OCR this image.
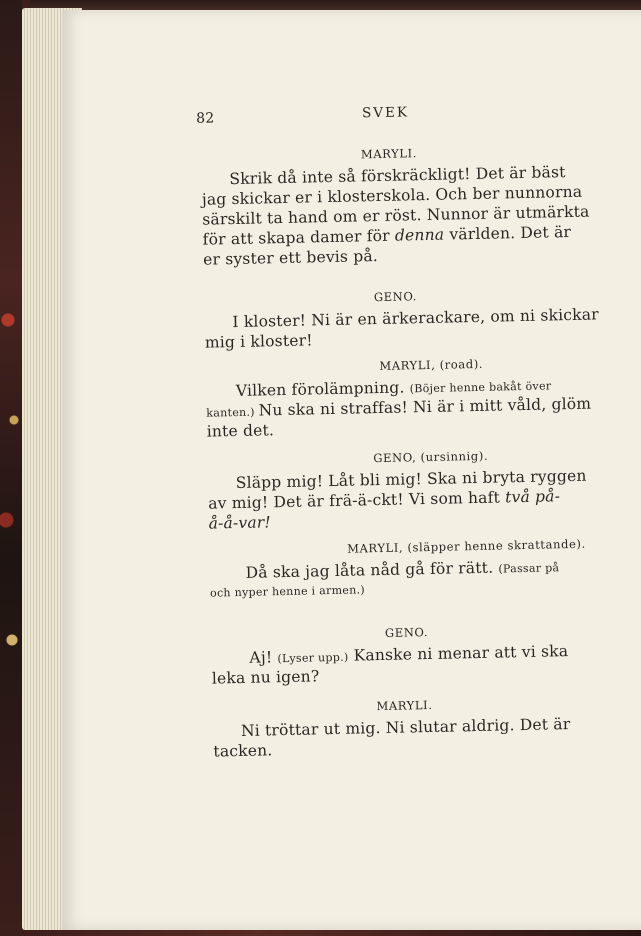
82	SVEK
MARYLI.
Skrik då inte så förskräckligt! Det är bäst
jag skickar er i klosterskola. Och ber nunnorna
särskilt ta hand om er röst. Nunnor är utmärkta
för att skapa damer för denna världen. Det är
er syster ett bevis på.
GENO.
I kloster! Ni är en ärkerackare, om ni skickar
mig i kloster!
MARYLI, (road).
Vilken förolämpning. (Böjer henne bakåt över
kanten.) Nu ska ni straffas! Ni är i mitt våld, glöm
inte det.
GENO, (ursinnig).
Släpp mig! Låt bli mig! Ska ni bryta ryggen
av mig! Det är frä-ä-ckt! Vi som haft två på-
å-å-var!
MARYLI, (släpper henne skrattande).
Då ska jag låta nåd gå för rätt. (Passar på
och nyper henne i armen.)
GENO.
Aj! (Lyser upp.) Kanske ni menar att vi ska
leka nu igen?
MARYLI.
Ni tröttar ut mig. Ni slutar aldrig. Det är
tacken.
